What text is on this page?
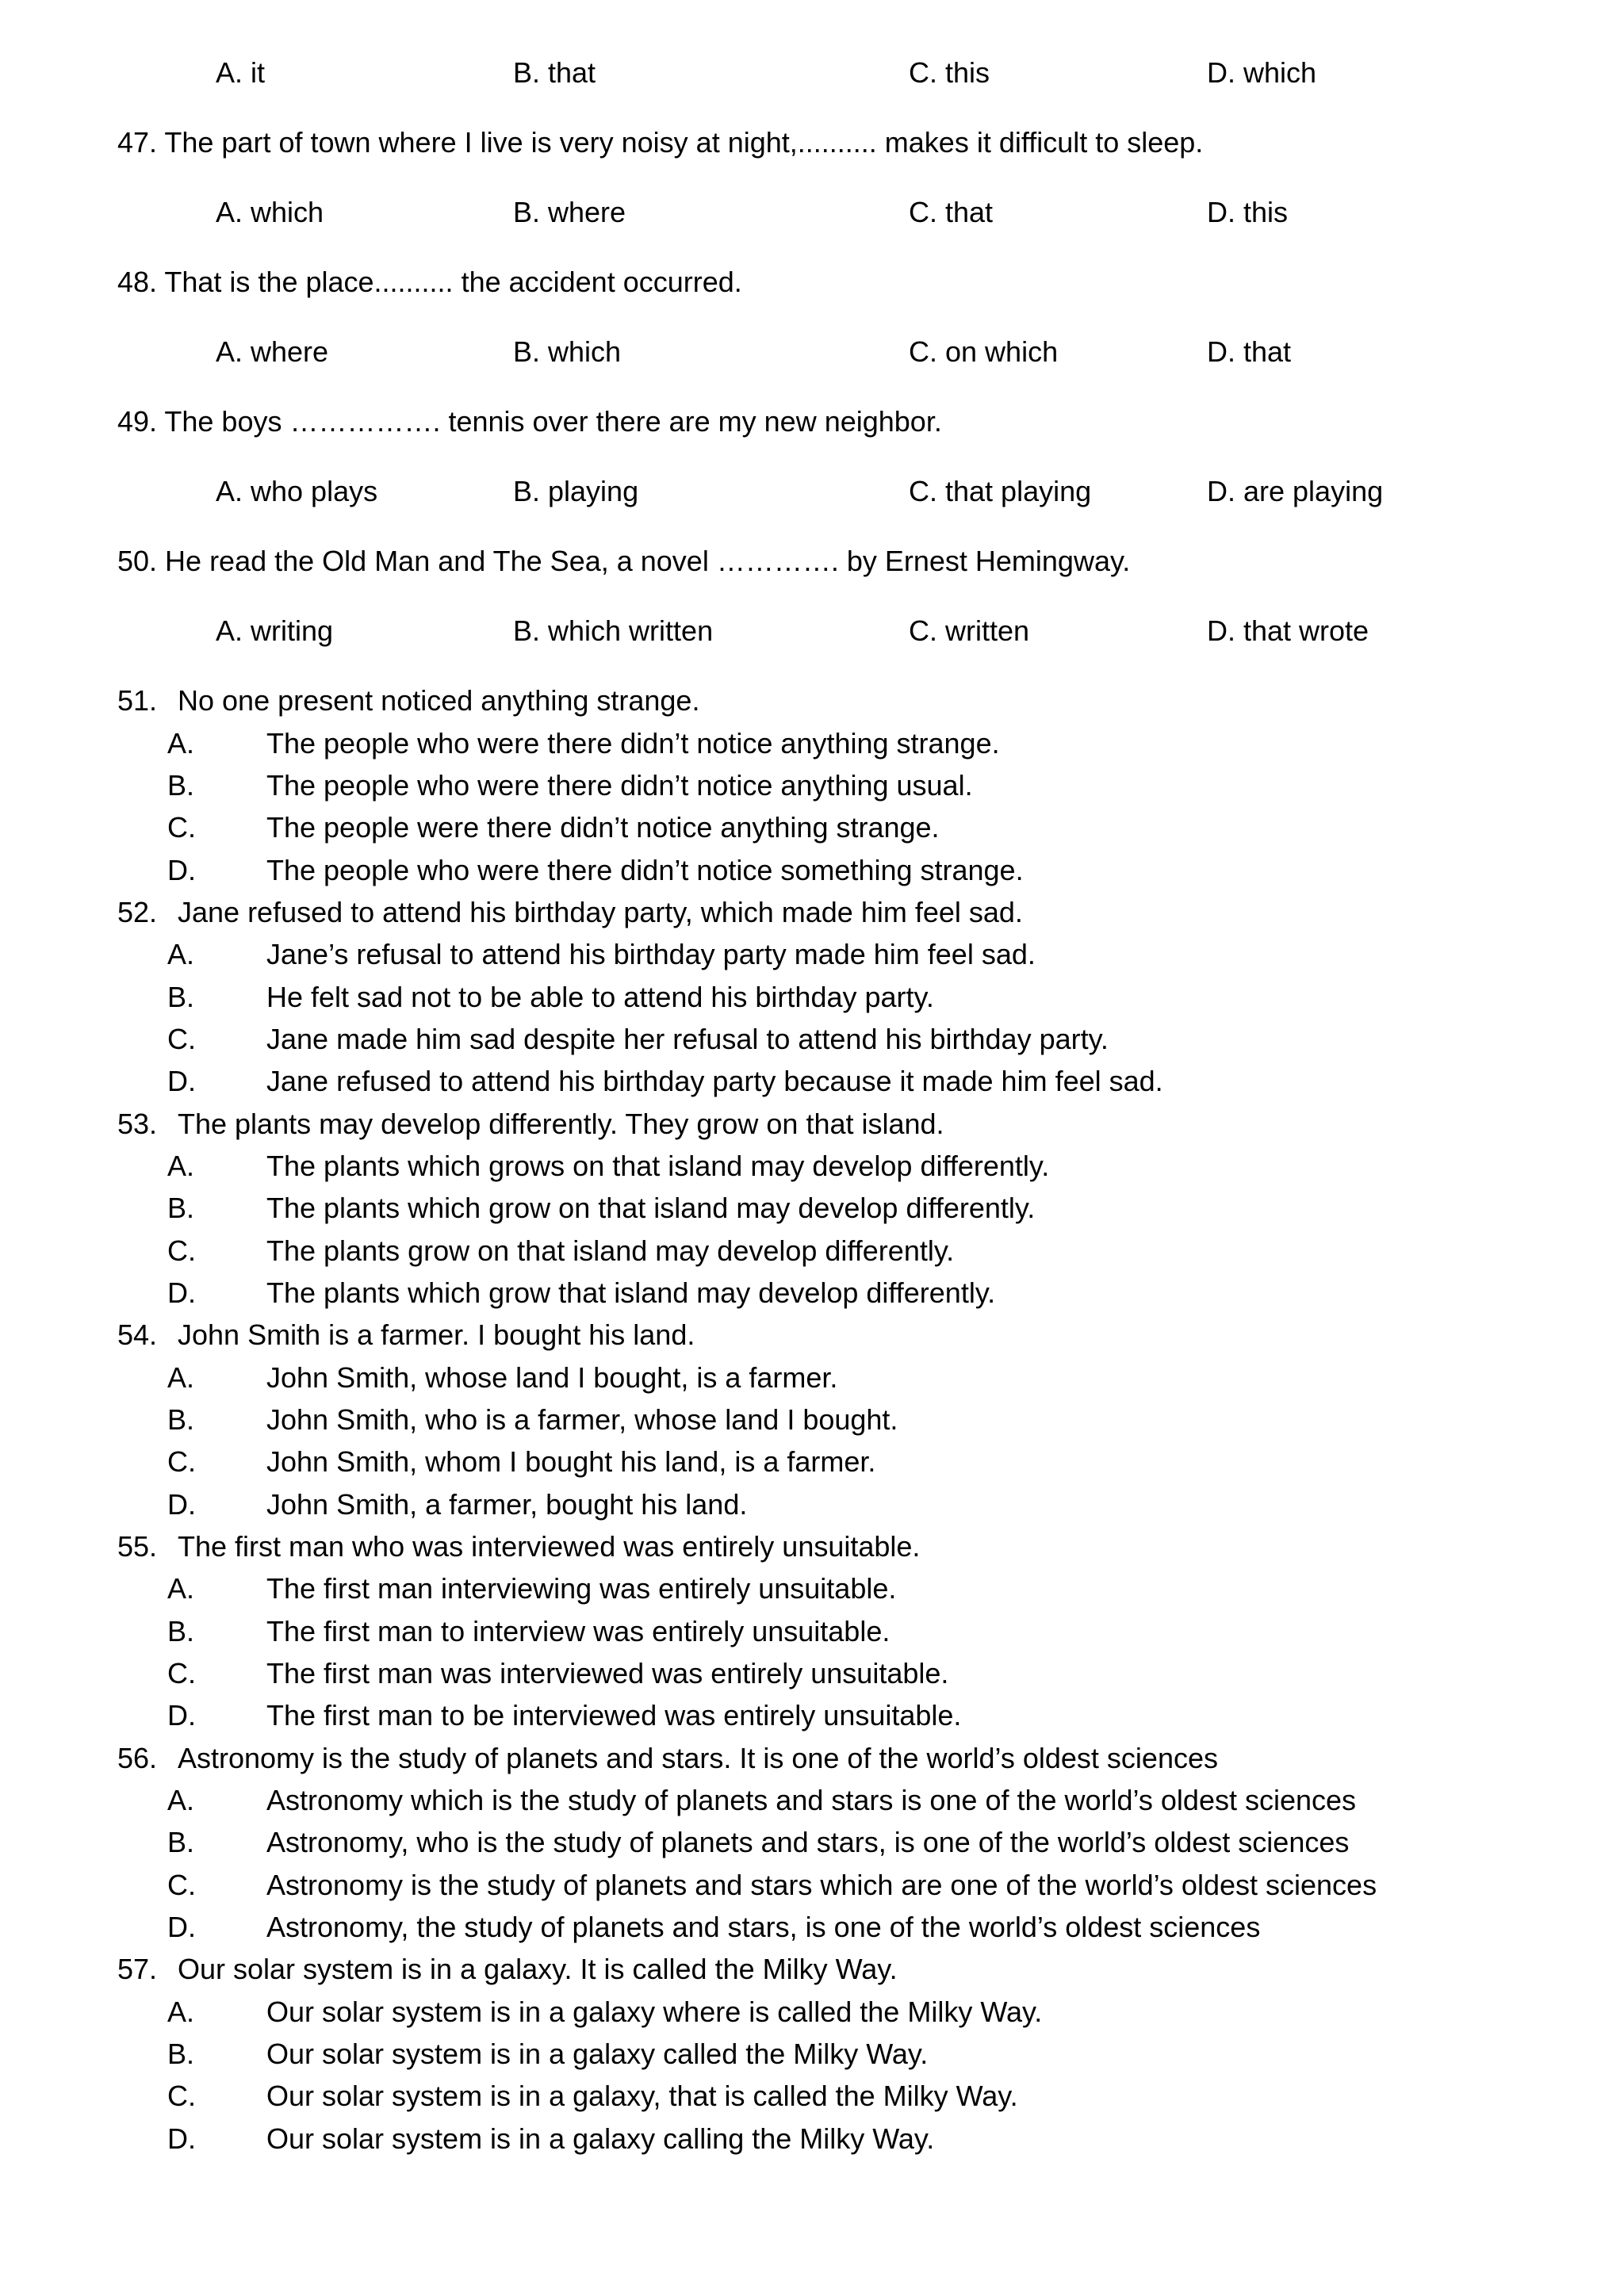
A. it	B. that	C. this	D. which
47. The part of town where I live is very noisy at night,.......... makes it difficult to sleep.
A. which	B. where	C. that	D. this
48. That is the place.......... the accident occurred.
A. where	B. which	C. on which	D. that
49. The boys ……………. tennis over there are my new neighbor.
A. who plays	B. playing	C. that playing	D. are playing
50. He read the Old Man and The Sea, a novel …………. by Ernest Hemingway.
A. writing	B. which written	C. written	D. that wrote
51. No one present noticed anything strange.
A.	The people who were there didn’t notice anything strange.
B.	The people who were there didn’t notice anything usual.
C. The people were there didn’t notice anything strange.
D. The people who were there didn’t notice something strange.
52. Jane refused to attend his birthday party, which made him feel sad.
A.	Jane’s refusal to attend his birthday party made him feel sad.
B.	He felt sad not to be able to attend his birthday party.
C. Jane made him sad despite her refusal to attend his birthday party.
D. Jane refused to attend his birthday party because it made him feel sad.
53. The plants may develop differently. They grow on that island.
A.	The plants which grows on that island may develop differently.
B.	The plants which grow on that island may develop differently.
C. The plants grow on that island may develop differently.
D. The plants which grow that island may develop differently.
54. John Smith is a farmer. I bought his land.
A.	John Smith, whose land I bought, is a farmer.
B.	John Smith, who is a farmer, whose land I bought.
C. John Smith, whom I bought his land, is a farmer.
D. John Smith, a farmer, bought his land.
55. The first man who was interviewed was entirely unsuitable.
A.	The first man interviewing was entirely unsuitable.
B.	The first man to interview was entirely unsuitable.
C. The first man was interviewed was entirely unsuitable.
D. The first man to be interviewed was entirely unsuitable.
56. Astronomy is the study of planets and stars. It is one of the world’s oldest sciences
A.	Astronomy which is the study of planets and stars is one of the world’s oldest sciences
B.	Astronomy, who is the study of planets and stars, is one of the world’s oldest sciences
C. Astronomy is the study of planets and stars which are one of the world’s oldest sciences
D. Astronomy, the study of planets and stars, is one of the world’s oldest sciences
57. Our solar system is in a galaxy. It is called the Milky Way.
A.	Our solar system is in a galaxy where is called the Milky Way.
B.	Our solar system is in a galaxy called the Milky Way.
C. Our solar system is in a galaxy, that is called the Milky Way.
D. Our solar system is in a galaxy calling the Milky Way.
